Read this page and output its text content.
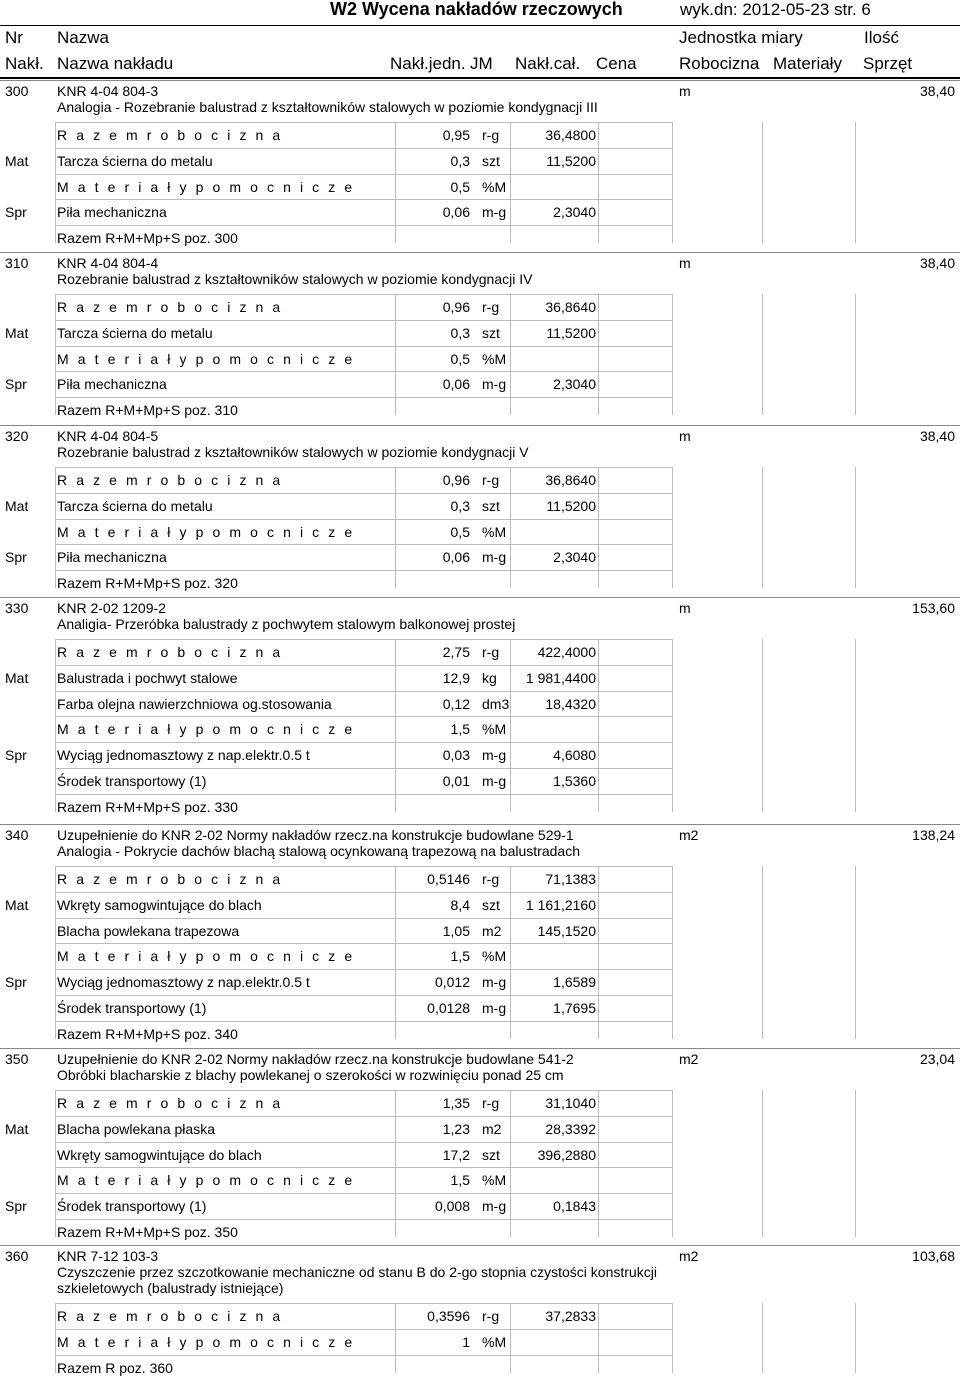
W2 Wycena nakładów rzeczowych	wyk.dn: 2012-05-23 str. 6
Nr Nazwa	Jednostka miary	Ilość
Nakł. Nazwa nakładu	Nakł.jedn. JM Nakł.cał. Cena Robocizna Materiały Sprzęt
300 KNR 4-04 804-3	m	38,40
Analogia - Rozebranie balustrad z kształtowników stalowych w poziomie kondygnacji III
R a z e m r o b o c i z n a	0,95 r-g	36,4800
Mat Tarcza ścierna do metalu	0,3 szt	11,5200
M a t e r i a ł y p o m o c n i c z e	0,5 %M
Spr Piła mechaniczna	0,06 m-g	2,3040
Razem R+M+Mp+S poz. 300
310 KNR 4-04 804-4	m	38,40
Rozebranie balustrad z kształtowników stalowych w poziomie kondygnacji IV
R a z e m r o b o c i z n a	0,96 r-g	36,8640
Mat Tarcza ścierna do metalu	0,3 szt	11,5200
M a t e r i a ł y p o m o c n i c z e	0,5 %M
Spr Piła mechaniczna	0,06 m-g	2,3040
Razem R+M+Mp+S poz. 310
320 KNR 4-04 804-5	m	38,40
Rozebranie balustrad z kształtowników stalowych w poziomie kondygnacji V
R a z e m r o b o c i z n a	0,96 r-g	36,8640
Mat Tarcza ścierna do metalu	0,3 szt	11,5200
M a t e r i a ł y p o m o c n i c z e	0,5 %M
Spr Piła mechaniczna	0,06 m-g	2,3040
Razem R+M+Mp+S poz. 320
330 KNR 2-02 1209-2	m	153,60
Analigia- Przeróbka balustrady z pochwytem stalowym balkonowej prostej
R a z e m r o b o c i z n a	2,75 r-g	422,4000
Mat Balustrada i pochwyt stalowe	12,9 kg 1 981,4400
Farba olejna nawierzchniowa og.stosowania	0,12 dm3	18,4320
M a t e r i a ł y p o m o c n i c z e	1,5 %M
Spr Wyciąg jednomasztowy z nap.elektr.0.5 t	0,03 m-g	4,6080
Środek transportowy (1)	0,01 m-g	1,5360
Razem R+M+Mp+S poz. 330
340 Uzupełnienie do KNR 2-02 Normy nakładów rzecz.na konstrukcje budowlane 529-1	m2	138,24
Analogia - Pokrycie dachów blachą stalową ocynkowaną trapezową na balustradach
R a z e m r o b o c i z n a	0,5146 r-g	71,1383
Mat Wkręty samogwintujące do blach	8,4 szt 1 161,2160
Blacha powlekana trapezowa	1,05 m2	145,1520
M a t e r i a ł y p o m o c n i c z e	1,5 %M
Spr Wyciąg jednomasztowy z nap.elektr.0.5 t	0,012 m-g	1,6589
Środek transportowy (1)	0,0128 m-g	1,7695
Razem R+M+Mp+S poz. 340
350 Uzupełnienie do KNR 2-02 Normy nakładów rzecz.na konstrukcje budowlane 541-2	m2	23,04
Obróbki blacharskie z blachy powlekanej o szerokości w rozwinięciu ponad 25 cm
R a z e m r o b o c i z n a	1,35 r-g	31,1040
Mat Blacha powlekana płaska	1,23 m2	28,3392
Wkręty samogwintujące do blach	17,2 szt	396,2880
M a t e r i a ł y p o m o c n i c z e	1,5 %M
Spr Środek transportowy (1)	0,008 m-g	0,1843
Razem R+M+Mp+S poz. 350
360 KNR 7-12 103-3	m2	103,68
Czyszczenie przez szczotkowanie mechaniczne od stanu B do 2-go stopnia czystości konstrukcji
szkieletowych (balustrady istniejące)
R a z e m r o b o c i z n a	0,3596 r-g	37,2833
M a t e r i a ł y p o m o c n i c z e	1 %M
Razem R poz. 360
